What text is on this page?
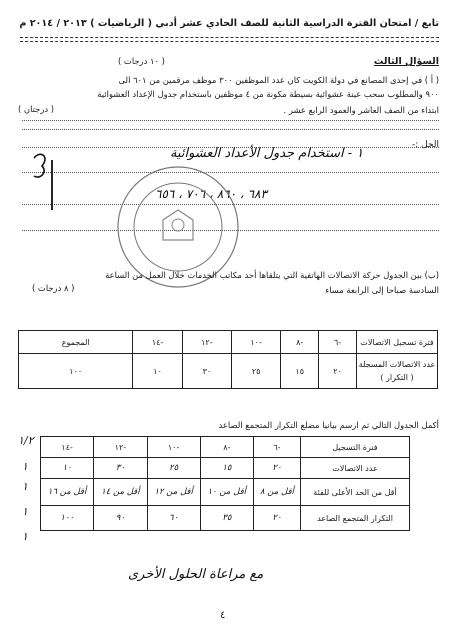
تابع / امتحان الفترة الدراسية الثانية للصف الحادي عشر أدبي ( الرياضيات ) ٢٠١٣ / ٢٠١٤ م
السؤال الثالث
( أ ) في إحدى المصانع في دولة الكويت كان عدد الموظفين ٣٠٠ موظف مرقمين من ٦٠١ الى
٩٠٠ والمطلوب سحب عينة عشوائية بسيطة مكونة من ٤ موظفين باستخدام جدول الإعداد العشوائية
ابتداء من الصف العاشر والعمود الرابع عشر .
( درجتان )
( ١٠ درجات )
الحل :-
١ - استخدام جدول الأعداد العشوائية
٦٨٣ ، ٨٦٠ ، ٧٠٦ ، ٦٥٦
(ب) بين الجدول حركة الاتصالات الهاتفية التي يتلقاها أحد مكاتب الخدمات خلال العمل من الساعة
السادسة صباحا إلى الرابعة مساء
( ٨ درجات )
فترة تسجيل الاتصالات	-٦	-٨	-١٠	-١٢	-١٤	المجموع
عدد الاتصالات المسجلة
( التكرار )	٢٠	١٥	٢٥	٣٠	١٠	١٠٠
أكمل الجدول التالي ثم ارسم بيانيا مضلع التكرار المتجمع الصاعد
فترة التسجيل	-٦	-٨	-١٠	-١٢	-١٤
عدد الاتصالات	٢٠	١٥	٢٥	٣٠	١٠
أقل من الحد الأعلى للفئة	أقل من ٨	أقل من ١٠	أقل من ١٢	أقل من ١٤	أقل من ١٦
التكرار المتجمع الصاعد	٢٠	٣٥	٦٠	٩٠	١٠٠
١/٢
١
١
١
١
مع مراعاة الحلول الأخرى
٤
